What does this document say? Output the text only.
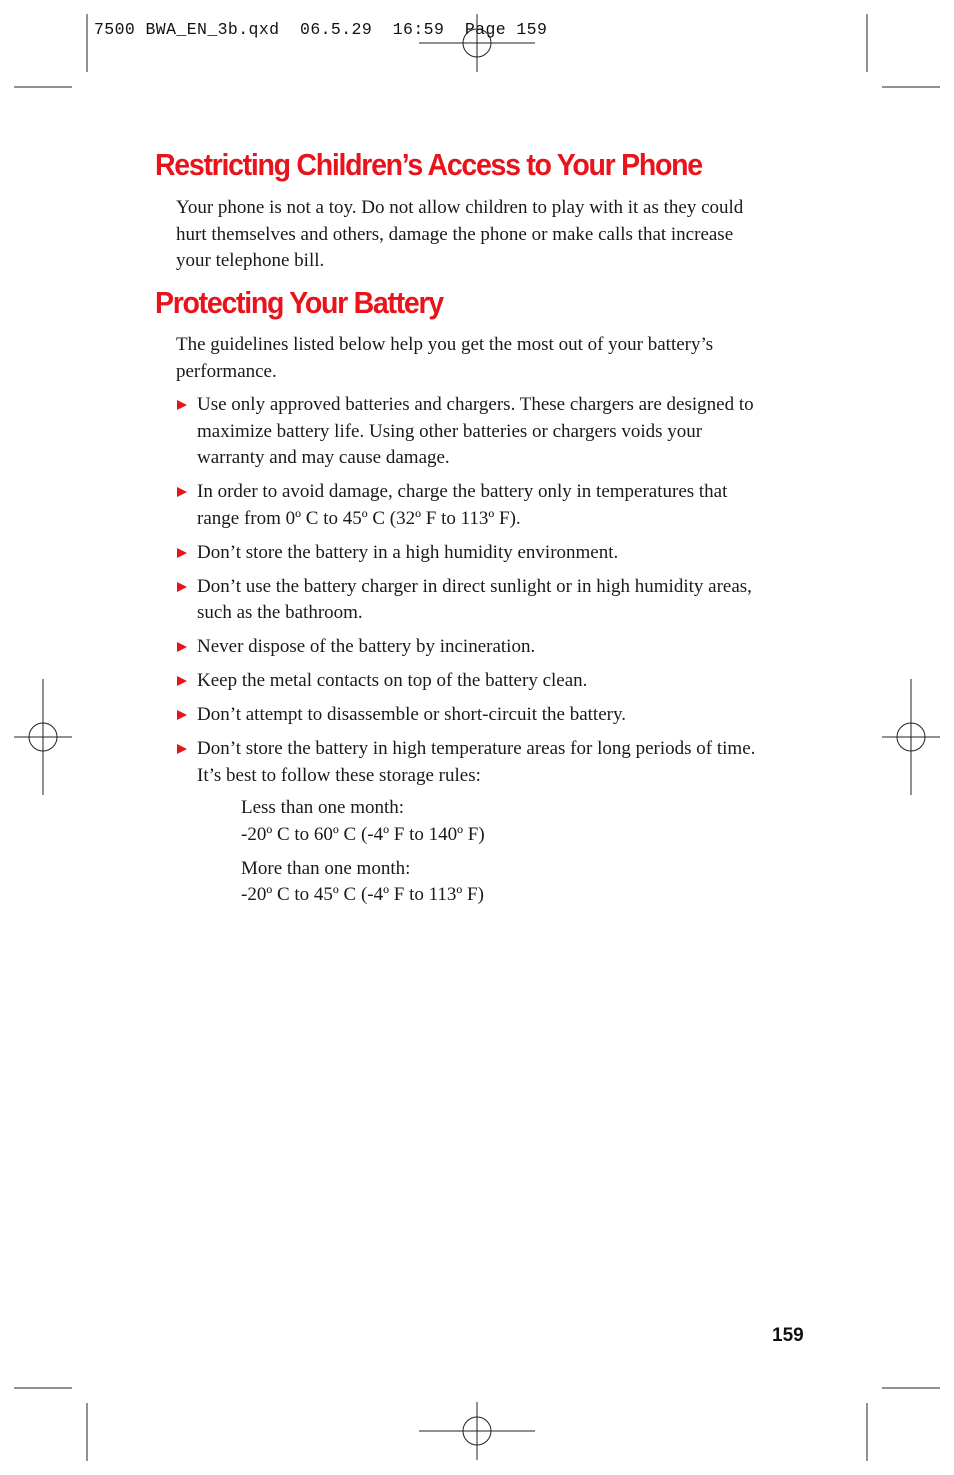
7500 BWA_EN_3b.qxd  06.5.29  16:59  Page 159
Restricting Children’s Access to Your Phone

Your phone is not a toy. Do not allow children to play with it as they could hurt themselves and others, damage the phone or make calls that increase your telephone bill.

Protecting Your Battery

The guidelines listed below help you get the most out of your battery’s performance.

Use only approved batteries and chargers. These chargers are designed to maximize battery life. Using other batteries or chargers voids your warranty and may cause damage.
In order to avoid damage, charge the battery only in temperatures that range from 0º C to 45º C (32º F to 113º F).
Don’t store the battery in a high humidity environment.
Don’t use the battery charger in direct sunlight or in high humidity areas, such as the bathroom.
Never dispose of the battery by incineration.
Keep the metal contacts on top of the battery clean.
Don’t attempt to disassemble or short-circuit the battery.
Don’t store the battery in high temperature areas for long periods of time. It’s best to follow these storage rules:

Less than one month:
-20º C to 60º C (-4º F to 140º F)

More than one month:
-20º C to 45º C (-4º F to 113º F)

159
